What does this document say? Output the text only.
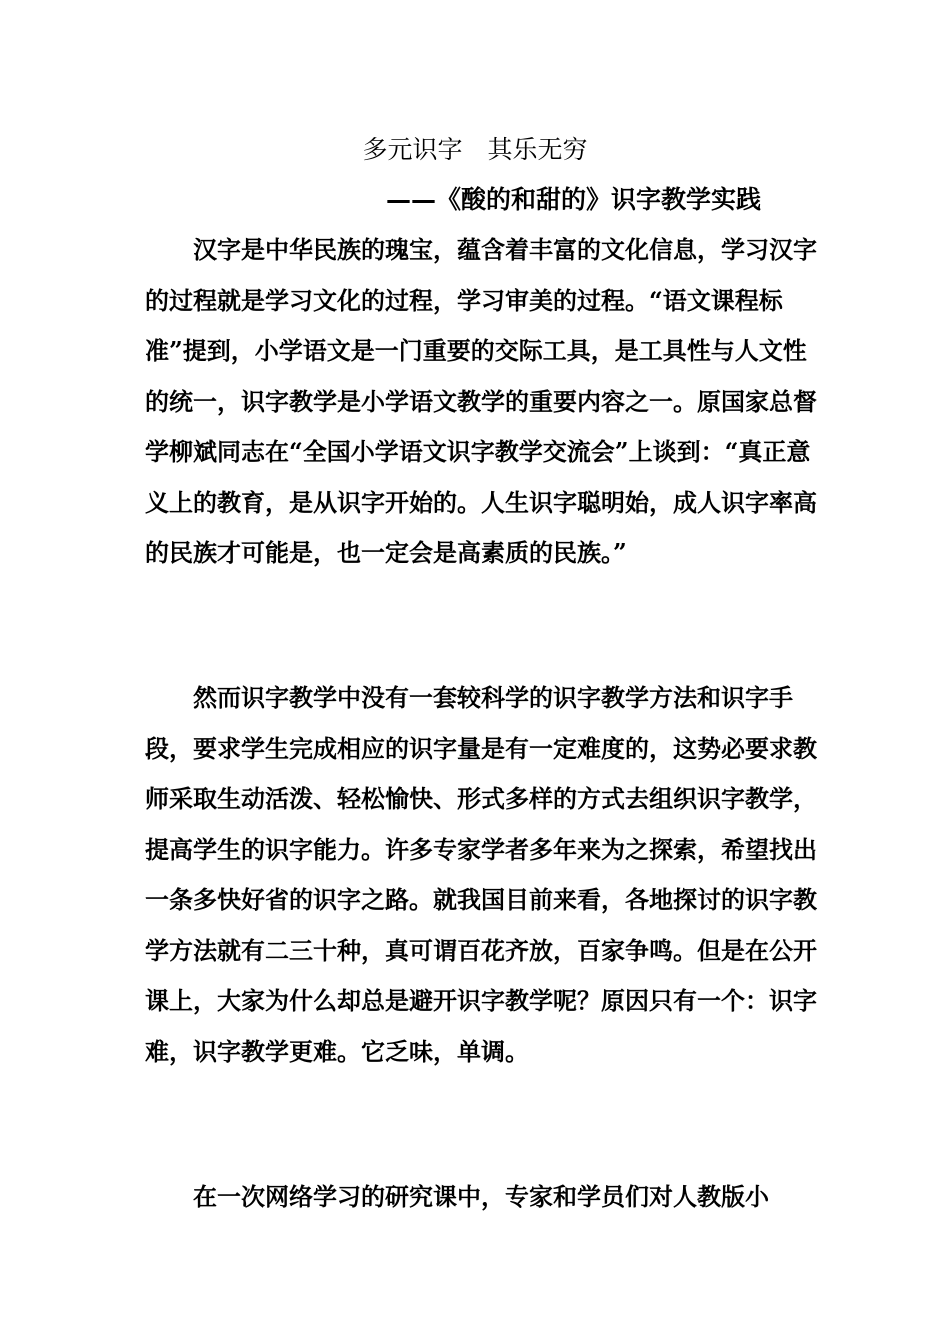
多元识字　其乐无穷
——《酸的和甜的》识字教学实践

汉字是中华民族的瑰宝，蕴含着丰富的文化信息，学习汉字的过程就是学习文化的过程，学习审美的过程。“语文课程标准”提到，小学语文是一门重要的交际工具，是工具性与人文性的统一，识字教学是小学语文教学的重要内容之一。原国家总督学柳斌同志在“全国小学语文识字教学交流会”上谈到：“真正意义上的教育，是从识字开始的。人生识字聪明始，成人识字率高的民族才可能是，也一定会是高素质的民族。”

然而识字教学中没有一套较科学的识字教学方法和识字手段，要求学生完成相应的识字量是有一定难度的，这势必要求教师采取生动活泼、轻松愉快、形式多样的方式去组织识字教学，提高学生的识字能力。许多专家学者多年来为之探索，希望找出一条多快好省的识字之路。就我国目前来看，各地探讨的识字教学方法就有二三十种，真可谓百花齐放，百家争鸣。但是在公开课上，大家为什么却总是避开识字教学呢？原因只有一个：识字难，识字教学更难。它乏味，单调。

在一次网络学习的研究课中，专家和学员们对人教版小
